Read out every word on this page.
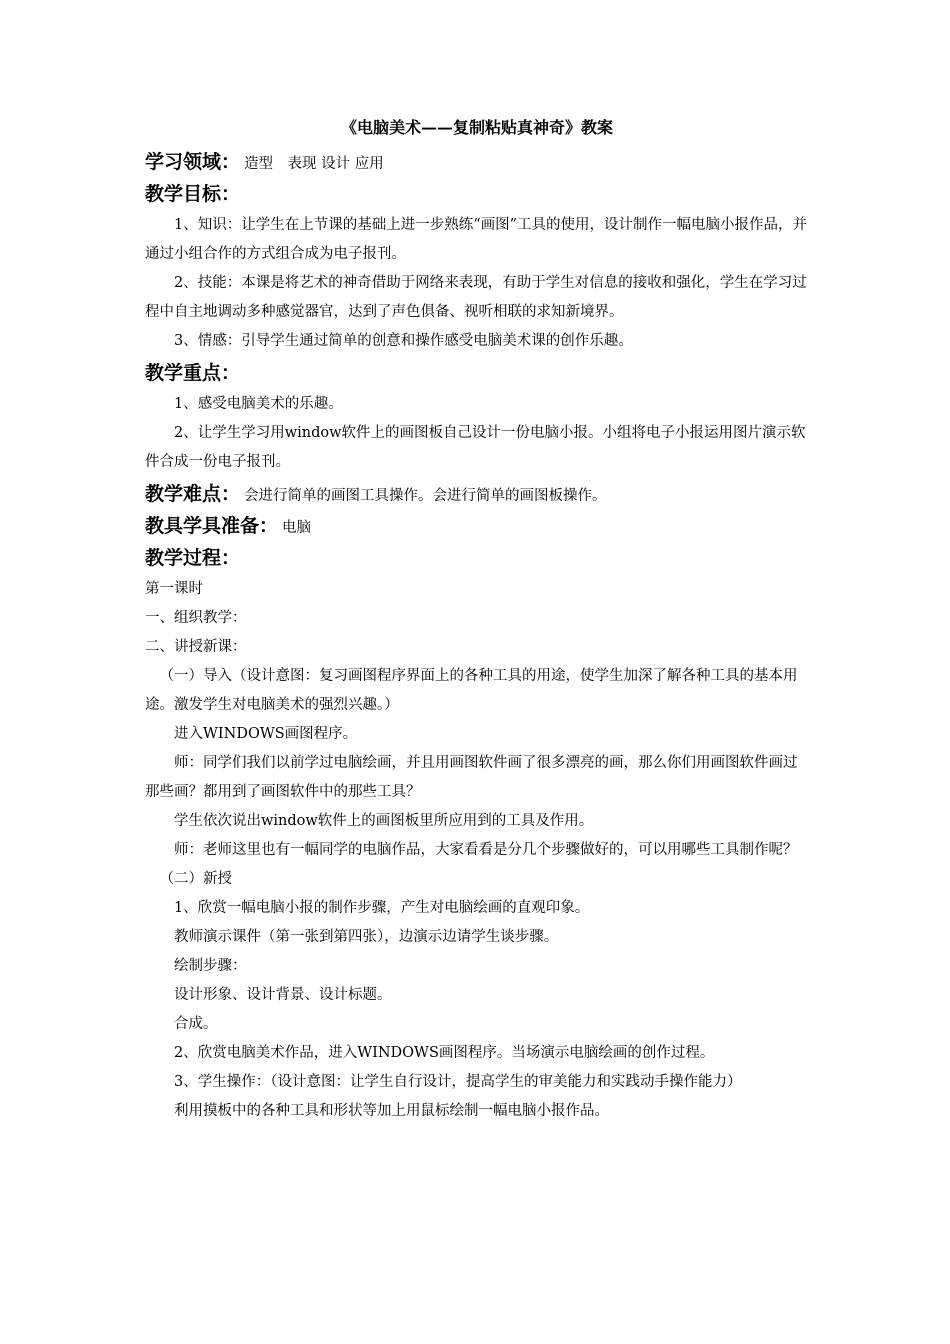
《电脑美术——复制粘贴真神奇》教案
学习领域： 造型　表现 设计 应用
教学目标：

1、知识：让学生在上节课的基础上进一步熟练“画图”工具的使用，设计制作一幅电脑小报作品，并通过小组合作的方式组合成为电子报刊。

2、技能：本课是将艺术的神奇借助于网络来表现，有助于学生对信息的接收和强化，学生在学习过程中自主地调动多种感觉器官，达到了声色俱备、视听相联的求知新境界。

3、情感：引导学生通过简单的创意和操作感受电脑美术课的创作乐趣。

教学重点：

1、感受电脑美术的乐趣。

2、让学生学习用window软件上的画图板自己设计一份电脑小报。小组将电子小报运用图片演示软件合成一份电子报刊。

教学难点： 会进行简单的画图工具操作。会进行简单的画图板操作。
教具学具准备： 电脑
教学过程：

第一课时

一、组织教学：

二、讲授新课：

（一）导入（设计意图：复习画图程序界面上的各种工具的用途，使学生加深了解各种工具的基本用途。激发学生对电脑美术的强烈兴趣。）

进入WINDOWS画图程序。

师：同学们我们以前学过电脑绘画，并且用画图软件画了很多漂亮的画，那么你们用画图软件画过那些画？都用到了画图软件中的那些工具？

学生依次说出window软件上的画图板里所应用到的工具及作用。

师：老师这里也有一幅同学的电脑作品，大家看看是分几个步骤做好的，可以用哪些工具制作呢？

（二）新授

1、欣赏一幅电脑小报的制作步骤，产生对电脑绘画的直观印象。

教师演示课件（第一张到第四张），边演示边请学生谈步骤。

绘制步骤：

设计形象、设计背景、设计标题。

合成。

2、欣赏电脑美术作品，进入WINDOWS画图程序。当场演示电脑绘画的创作过程。

3、学生操作：（设计意图：让学生自行设计，提高学生的审美能力和实践动手操作能力）

利用摸板中的各种工具和形状等加上用鼠标绘制一幅电脑小报作品。
